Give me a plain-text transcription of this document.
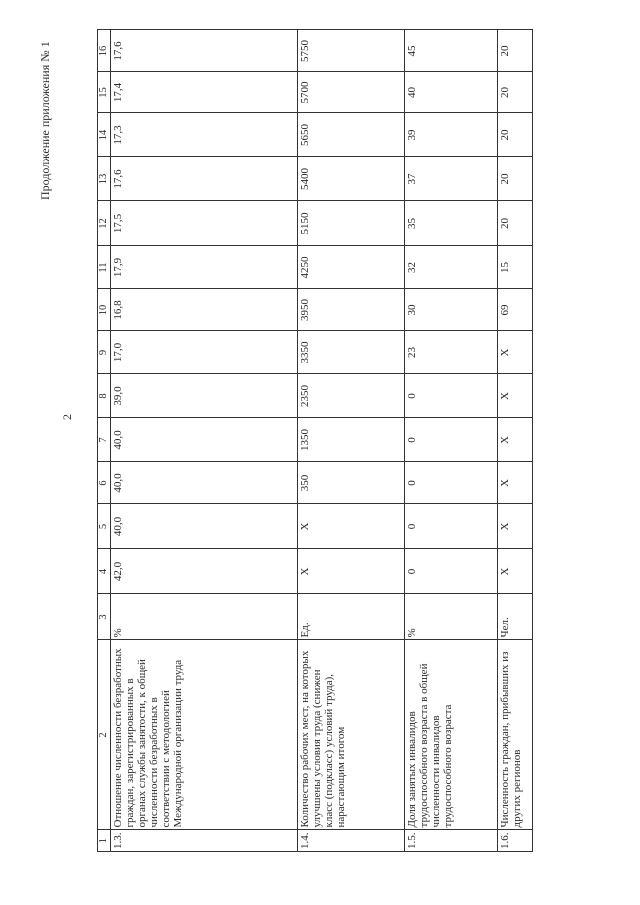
Продолжение приложения № 1
2
1	2	3	4	5	6	7	8	9	10	11	12	13	14	15	16
1.3.	Отношение численности безработных граждан, зарегистрированных в органах службы занятости, к общей численности безработных в соответствии с методологией Международной организации труда	%	42,0	40,0	40,0	40,0	39,0	17,0	16,8	17,9	17,5	17,6	17,3	17,4	17,6
1.4.	Количество рабочих мест, на которых улучшены условия труда (снижен класс (подкласс) условий труда), нарастающим итогом	Ед.	Х	Х	350	1350	2350	3350	3950	4250	5150	5400	5650	5700	5750
1.5.	Доля занятых инвалидов трудоспособного возраста в общей численности инвалидов трудоспособного возраста	%	0	0	0	0	0	23	30	32	35	37	39	40	45
1.6.	Численность граждан, прибывших из других регионов	Чел.	Х	Х	Х	Х	Х	Х	69	15	20	20	20	20	20
